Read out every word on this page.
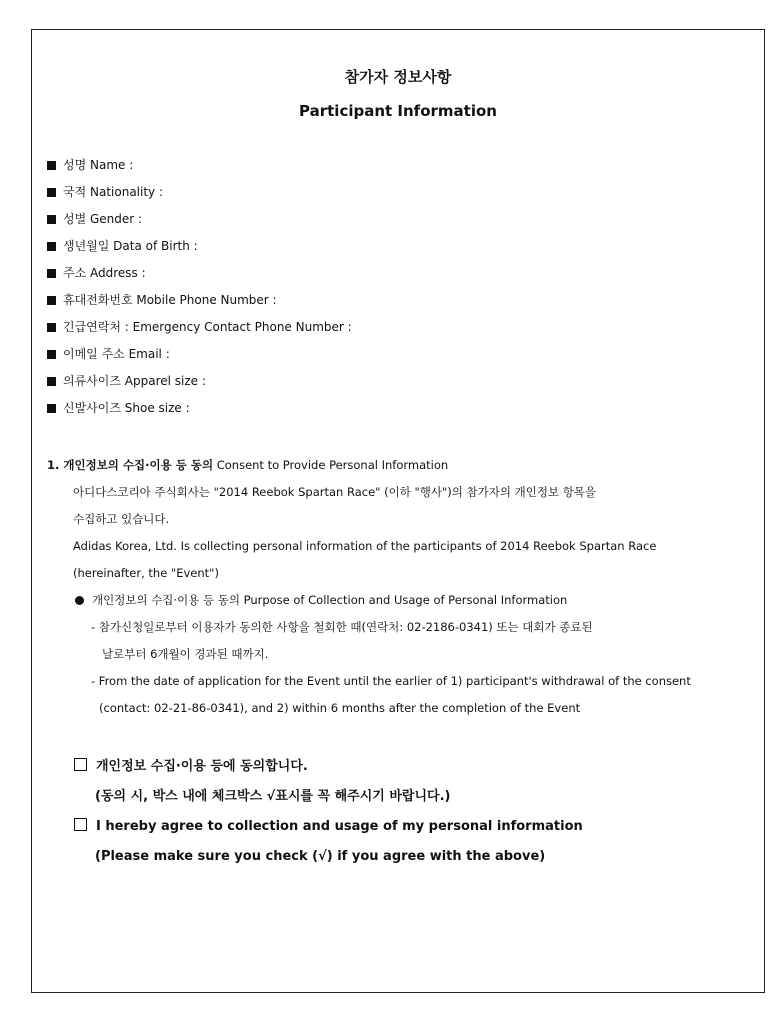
참가자 정보사항
Participant Information
성명 Name :
국적 Nationality :
성별 Gender :
생년월일 Data of Birth :
주소 Address :
휴대전화번호 Mobile Phone Number :
긴급연락처 : Emergency Contact Phone Number :
이메일 주소 Email :
의류사이즈 Apparel size :
신발사이즈 Shoe size :
1. 개인정보의 수집·이용 등 동의 Consent to Provide Personal Information
아디다스코리아 주식회사는 "2014 Reebok Spartan Race" (이하 "행사")의 참가자의 개인정보 항목을
수집하고 있습니다.
Adidas Korea, Ltd. Is collecting personal information of the participants of 2014 Reebok Spartan Race
(hereinafter, the "Event")
개인정보의 수집·이용 등 동의 Purpose of Collection and Usage of Personal Information
- 참가신청일로부터 이용자가 동의한 사항을 철회한 때(연락처: 02-2186-0341) 또는 대회가 종료된
날로부터 6개월이 경과된 때까지.
- From the date of application for the Event until the earlier of 1) participant's withdrawal of the consent
(contact: 02-21-86-0341), and 2) within 6 months after the completion of the Event
개인정보 수집·이용 등에 동의합니다.
(동의 시, 박스 내에 체크박스 √표시를 꼭 해주시기 바랍니다.)
I hereby agree to collection and usage of my personal information
(Please make sure you check (√) if you agree with the above)
